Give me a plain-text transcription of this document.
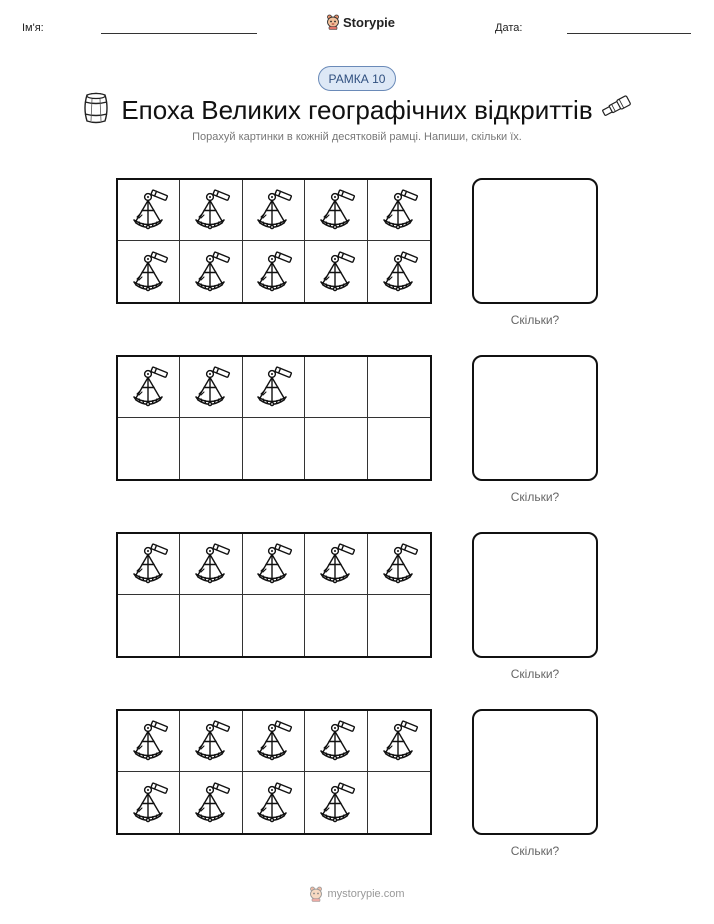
Ім'я:	Storypie	Дата:
РАМКА 10
Епоха Великих географічних відкриттів
Порахуй картинки в кожній десятковій рамці. Напиши, скільки їх.
Скільки?
Скільки?
Скільки?
Скільки?
mystorypie.com
